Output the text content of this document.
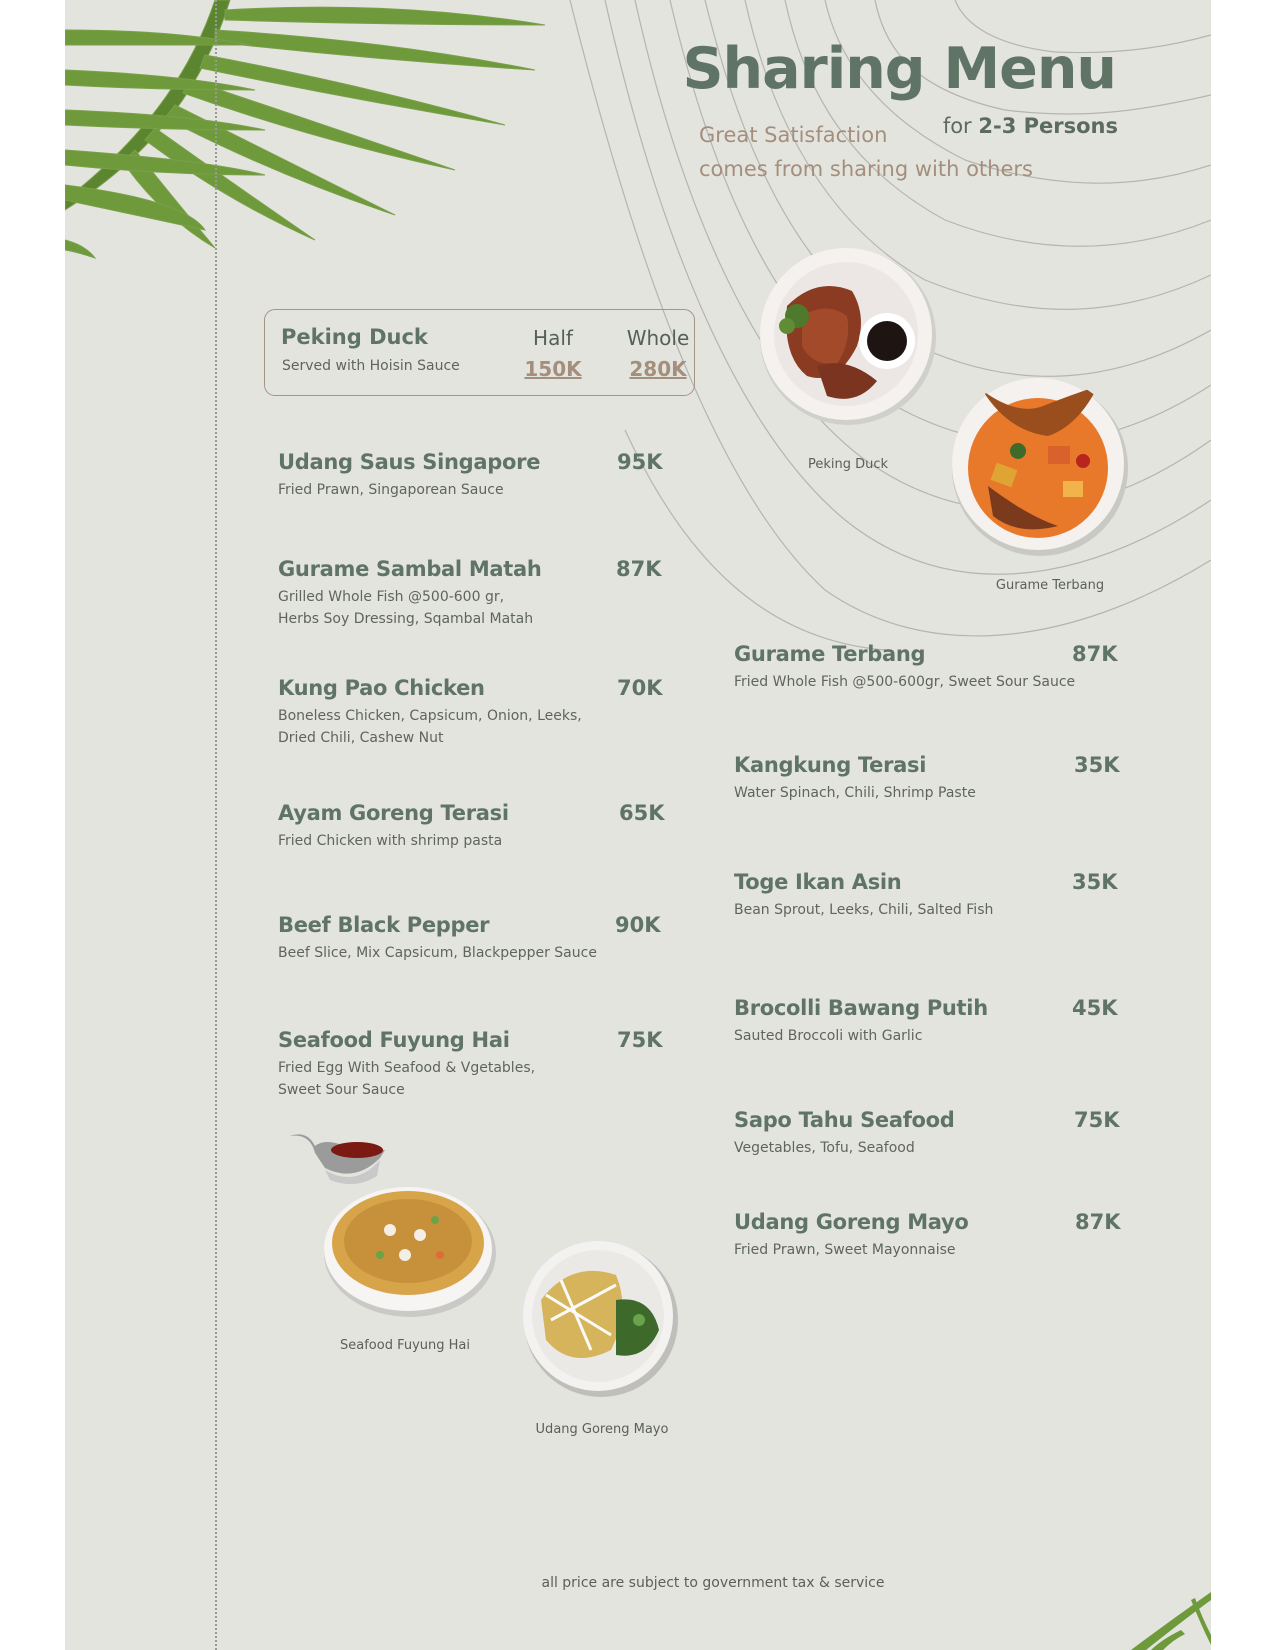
Sharing Menu
Great Satisfaction
comes from sharing with others
for 2-3 Persons
Peking Duck
Served with Hoisin Sauce
Half
150K
Whole
280K
Udang Saus Singapore
Fried Prawn, Singaporean Sauce
95K
Gurame Sambal Matah
Grilled Whole Fish @500-600 gr,
Herbs Soy Dressing, Sqambal Matah
87K
Kung Pao Chicken
Boneless Chicken, Capsicum, Onion, Leeks,
Dried Chili, Cashew Nut
70K
Ayam Goreng Terasi
Fried Chicken with shrimp pasta
65K
Beef Black Pepper
Beef Slice, Mix Capsicum, Blackpepper Sauce
90K
Seafood Fuyung Hai
Fried Egg With Seafood & Vgetables,
Sweet Sour Sauce
75K
Gurame Terbang
Fried Whole Fish @500-600gr, Sweet Sour Sauce
87K
Kangkung Terasi
Water Spinach, Chili, Shrimp Paste
35K
Toge Ikan Asin
Bean Sprout, Leeks, Chili, Salted Fish
35K
Brocolli Bawang Putih
Sauted Broccoli with Garlic
45K
Sapo Tahu Seafood
Vegetables, Tofu, Seafood
75K
Udang Goreng Mayo
Fried Prawn, Sweet Mayonnaise
87K
Peking Duck
Gurame Terbang
Seafood Fuyung Hai
Udang Goreng Mayo
all price are subject to government tax & service
